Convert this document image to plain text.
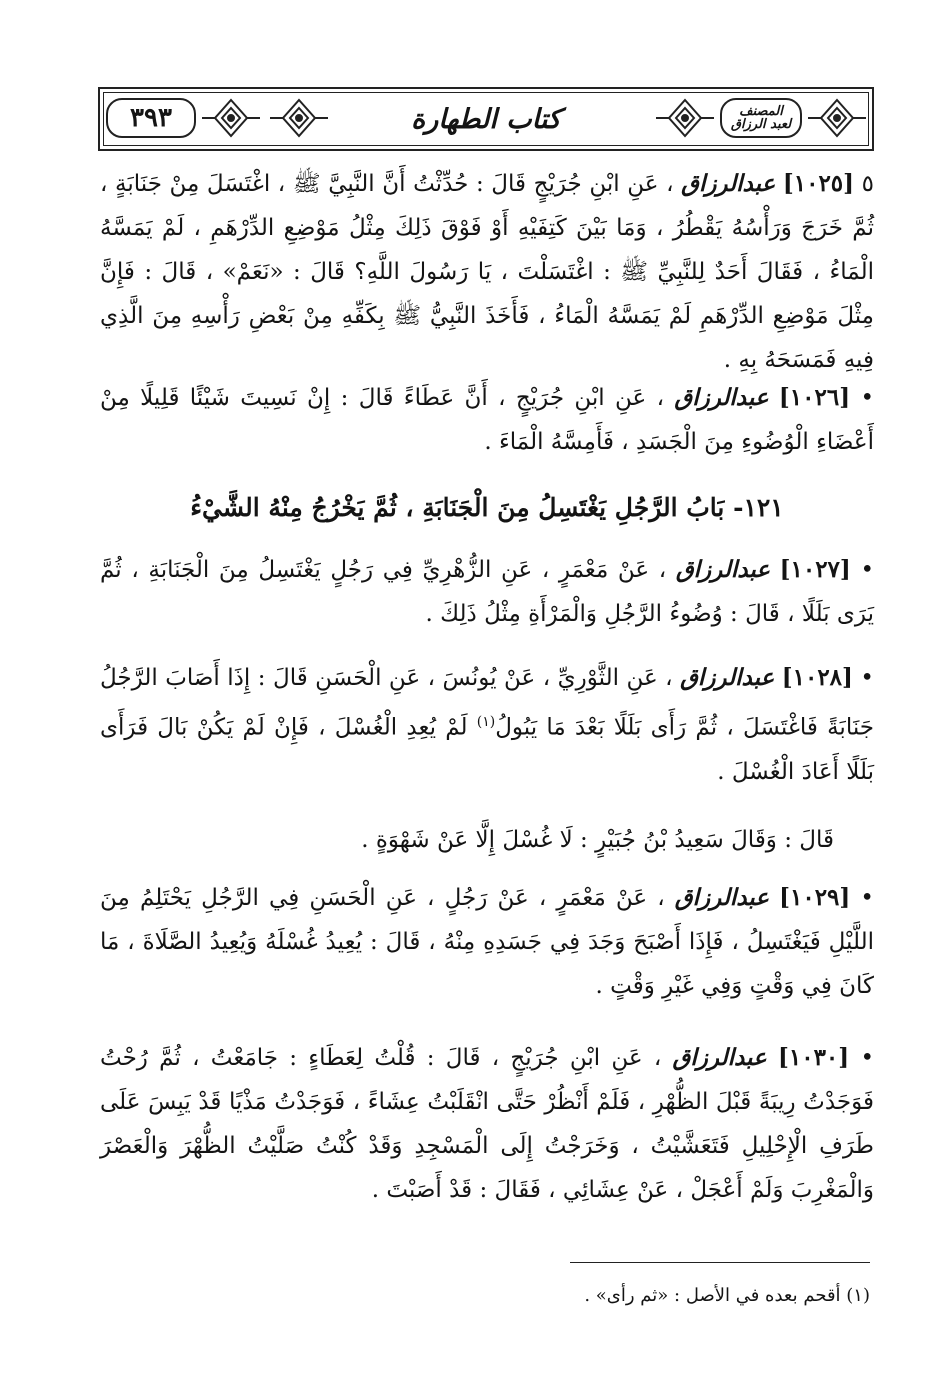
المصنف
لعبد الرزاق
كتاب الطهارة
٣٩٣

٥ [١٠٢٥] عبدالرزاق ، عَنِ ابْنِ جُرَيْجٍ قَالَ : حُدِّثْتُ أَنَّ النَّبِيَّ ﷺ ، اغْتَسَلَ مِنْ جَنَابَةٍ ، ثُمَّ خَرَجَ وَرَأْسُهُ يَقْطُرُ ، وَمَا بَيْنَ كَتِفَيْهِ أَوْ فَوْقَ ذَلِكَ مِثْلُ مَوْضِعِ الدِّرْهَمِ ، لَمْ يَمَسَّهُ الْمَاءُ ، فَقَالَ أَحَدٌ لِلنَّبِيِّ ﷺ : اغْتَسَلْتَ ، يَا رَسُولَ اللَّهِ؟ قَالَ : «نَعَمْ» ، قَالَ : فَإِنَّ مِثْلَ مَوْضِعِ الدِّرْهَمِ لَمْ يَمَسَّهُ الْمَاءُ ، فَأَخَذَ النَّبِيُّ ﷺ بِكَفِّهِ مِنْ بَعْضِ رَأْسِهِ مِنَ الَّذِي فِيهِ فَمَسَحَهُ بِهِ .

• [١٠٢٦] عبدالرزاق ، عَنِ ابْنِ جُرَيْجٍ ، أَنَّ عَطَاءً قَالَ : إِنْ نَسِيتَ شَيْئًا قَلِيلًا مِنْ أَعْضَاءِ الْوُضُوءِ مِنَ الْجَسَدِ ، فَأَمِسَّهُ الْمَاءَ .

١٢١- بَابُ الرَّجُلِ يَغْتَسِلُ مِنَ الْجَنَابَةِ ، ثُمَّ يَخْرُجُ مِنْهُ الشَّيْءُ

• [١٠٢٧] عبدالرزاق ، عَنْ مَعْمَرٍ ، عَنِ الزُّهْرِيِّ فِي رَجُلٍ يَغْتَسِلُ مِنَ الْجَنَابَةِ ، ثُمَّ يَرَى بَلَلًا ، قَالَ : وُضُوءُ الرَّجُلِ وَالْمَرْأَةِ مِثْلُ ذَلِكَ .

• [١٠٢٨] عبدالرزاق ، عَنِ الثَّوْرِيِّ ، عَنْ يُونُسَ ، عَنِ الْحَسَنِ قَالَ : إِذَا أَصَابَ الرَّجُلُ جَنَابَةً فَاغْتَسَلَ ، ثُمَّ رَأَى بَلَلًا بَعْدَ مَا يَبُولُ$^{(١)}$ لَمْ يُعِدِ الْغُسْلَ ، فَإِنْ لَمْ يَكُنْ بَالَ فَرَأَى بَلَلًا أَعَادَ الْغُسْلَ .

قَالَ : وَقَالَ سَعِيدُ بْنُ جُبَيْرٍ : لَا غُسْلَ إِلَّا عَنْ شَهْوَةٍ .

• [١٠٢٩] عبدالرزاق ، عَنْ مَعْمَرٍ ، عَنْ رَجُلٍ ، عَنِ الْحَسَنِ فِي الرَّجُلِ يَحْتَلِمُ مِنَ اللَّيْلِ فَيَغْتَسِلُ ، فَإِذَا أَصْبَحَ وَجَدَ فِي جَسَدِهِ مِنْهُ ، قَالَ : يُعِيدُ غُسْلَهُ وَيُعِيدُ الصَّلَاةَ ، مَا كَانَ فِي وَقْتٍ وَفِي غَيْرِ وَقْتٍ .

• [١٠٣٠] عبدالرزاق ، عَنِ ابْنِ جُرَيْجٍ ، قَالَ : قُلْتُ لِعَطَاءٍ : جَامَعْتُ ، ثُمَّ رُحْتُ فَوَجَدْتُ رِيبَةً قَبْلَ الظُّهْرِ ، فَلَمْ أَنْظُرْ حَتَّى انْقَلَبْتُ عِشَاءً ، فَوَجَدْتُ مَذْيًا قَدْ يَبِسَ عَلَى طَرَفِ الْإِحْلِيلِ فَتَعَشَّيْتُ ، وَخَرَجْتُ إِلَى الْمَسْجِدِ وَقَدْ كُنْتُ صَلَّيْتُ الظُّهْرَ وَالْعَصْرَ وَالْمَغْرِبَ وَلَمْ أَعْجَلْ ، عَنْ عِشَائِي ، فَقَالَ : قَدْ أَصَبْتَ .

(١) أقحم بعده في الأصل : «ثم رأى» .
